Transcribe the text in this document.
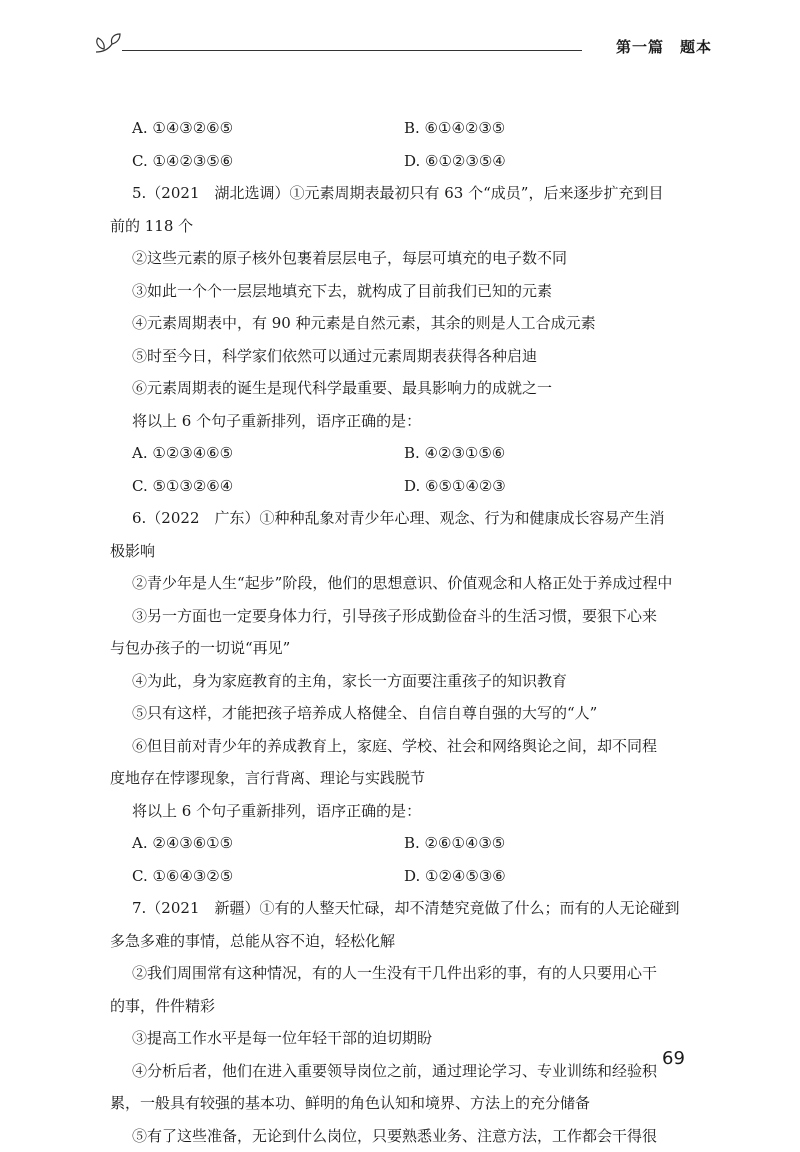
第一篇　题本
A. ①④③②⑥⑤	B. ⑥①④②③⑤
C. ①④②③⑤⑥	D. ⑥①②③⑤④
5.（2021　湖北选调）①元素周期表最初只有 63 个“成员”，后来逐步扩充到目
前的 118 个
②这些元素的原子核外包裹着层层电子，每层可填充的电子数不同
③如此一个个一层层地填充下去，就构成了目前我们已知的元素
④元素周期表中，有 90 种元素是自然元素，其余的则是人工合成元素
⑤时至今日，科学家们依然可以通过元素周期表获得各种启迪
⑥元素周期表的诞生是现代科学最重要、最具影响力的成就之一
将以上 6 个句子重新排列，语序正确的是：
A. ①②③④⑥⑤	B. ④②③①⑤⑥
C. ⑤①③②⑥④	D. ⑥⑤①④②③
6.（2022　广东）①种种乱象对青少年心理、观念、行为和健康成长容易产生消
极影响
②青少年是人生“起步”阶段，他们的思想意识、价值观念和人格正处于养成过程中
③另一方面也一定要身体力行，引导孩子形成勤俭奋斗的生活习惯，要狠下心来
与包办孩子的一切说“再见”
④为此，身为家庭教育的主角，家长一方面要注重孩子的知识教育
⑤只有这样，才能把孩子培养成人格健全、自信自尊自强的大写的“人”
⑥但目前对青少年的养成教育上，家庭、学校、社会和网络舆论之间，却不同程
度地存在悖谬现象，言行背离、理论与实践脱节
将以上 6 个句子重新排列，语序正确的是：
A. ②④③⑥①⑤	B. ②⑥①④③⑤
C. ①⑥④③②⑤	D. ①②④⑤③⑥
7.（2021　新疆）①有的人整天忙碌，却不清楚究竟做了什么；而有的人无论碰到
多急多难的事情，总能从容不迫，轻松化解
②我们周围常有这种情况，有的人一生没有干几件出彩的事，有的人只要用心干
的事，件件精彩
③提高工作水平是每一位年轻干部的迫切期盼
④分析后者，他们在进入重要领导岗位之前，通过理论学习、专业训练和经验积
累，一般具有较强的基本功、鲜明的角色认知和境界、方法上的充分储备
⑤有了这些准备，无论到什么岗位，只要熟悉业务、注意方法，工作都会干得很
69
